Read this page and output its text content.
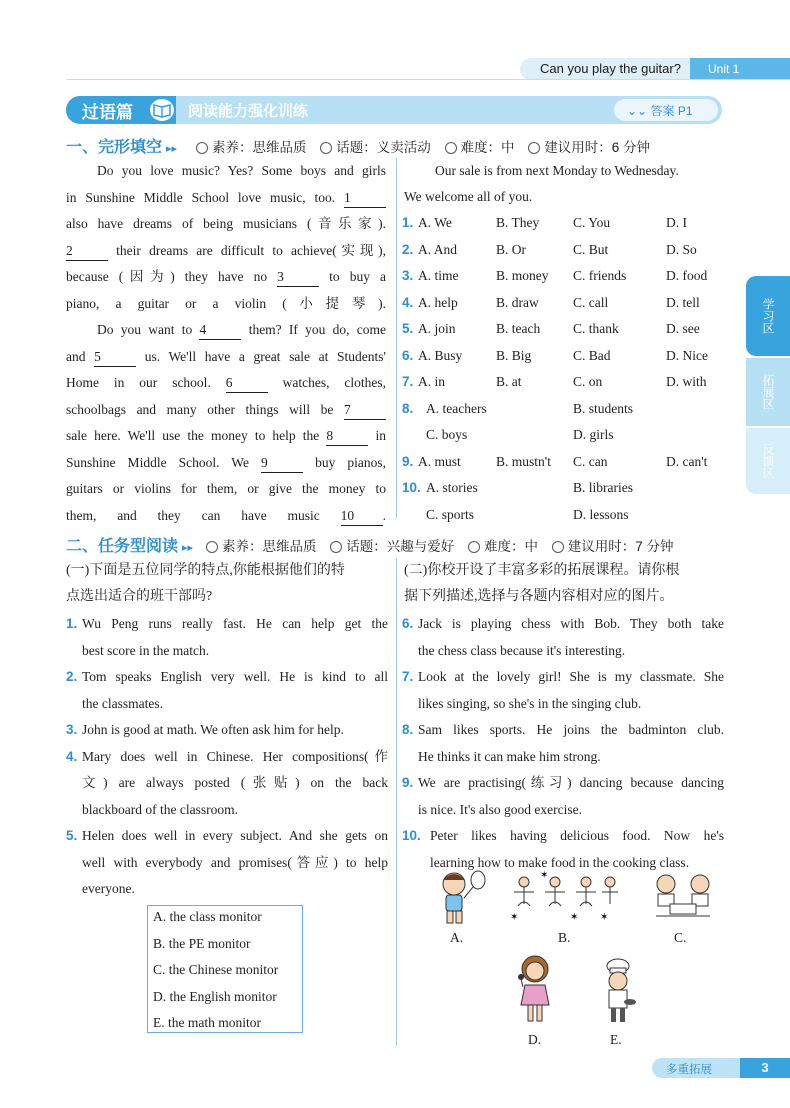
Can you play the guitar?	Unit 1
过语篇	阅读能力强化训练	⌄⌄ 答案 P1
一、完形填空 ▸▸	素养：思维品质 话题：义卖活动 难度：中 建议用时：6 分钟
Do you love music? Yes? Some boys and girls
in Sunshine Middle School love music, too. 1
also have dreams of being musicians (音乐家).
2	their dreams are difficult to achieve(实现),
because (因为) they have no 3	to buy a
piano, a guitar or a violin (小提琴).
Do you want to 4	them? If you do, come
and 5	us. We'll have a great sale at Students'
Home in our school. 6	watches, clothes,
schoolbags and many other things will be 7
sale here. We'll use the money to help the 8	in
Sunshine Middle School. We 9	buy pianos,
guitars or violins for them, or give the money to
them, and they can have music 10 .
Our sale is from next Monday to Wednesday.
We welcome all of you.
1. A. We	B. They	C. You	D. I
2. A. And	B. Or	C. But	D. So
3. A. time	B. money C. friends	D. food
4. A. help	B. draw	C. call	D. tell
5. A. join	B. teach C. thank	D. see
6. A. Busy B. Big	C. Bad	D. Nice
7. A. in	B. at	C. on	D. with
8. A. teachers	B. students
C. boys	D. girls
9. A. must	B. mustn't C. can	D. can't
10. A. stories	B. libraries
C. sports	D. lessons
二、任务型阅读 ▸▸	素养：思维品质 话题：兴趣与爱好 难度：中 建议用时：7 分钟
(一)下面是五位同学的特点,你能根据他们的特
点选出适合的班干部吗?
1. Wu Peng runs really fast. He can help get the
best score in the match.
2. Tom speaks English very well. He is kind to all
the classmates.
3. John is good at math. We often ask him for help.
4. Mary does well in Chinese. Her compositions(作
文) are always posted (张贴) on the back
blackboard of the classroom.
5. Helen does well in every subject. And she gets on
well with everybody and promises(答应) to help
everyone.
A. the class monitor
B. the PE monitor
C. the Chinese monitor
D. the English monitor
E. the math monitor
(二)你校开设了丰富多彩的拓展课程。请你根
据下列描述,选择与各题内容相对应的图片。
6. Jack is playing chess with Bob. They both take
the chess class because it's interesting.
7. Look at the lovely girl! She is my classmate. She
likes singing, so she's in the singing club.
8. Sam likes sports. He joins the badminton club.
He thinks it can make him strong.
9. We are practising(练习) dancing because dancing
is nice. It's also good exercise.
10. Peter likes having delicious food. Now he's
learning how to make food in the cooking class.
✶
✶
✶ ✶
A.	B.	C.
D.	E.
学习区
拓展区
反馈区
多重拓展	3
